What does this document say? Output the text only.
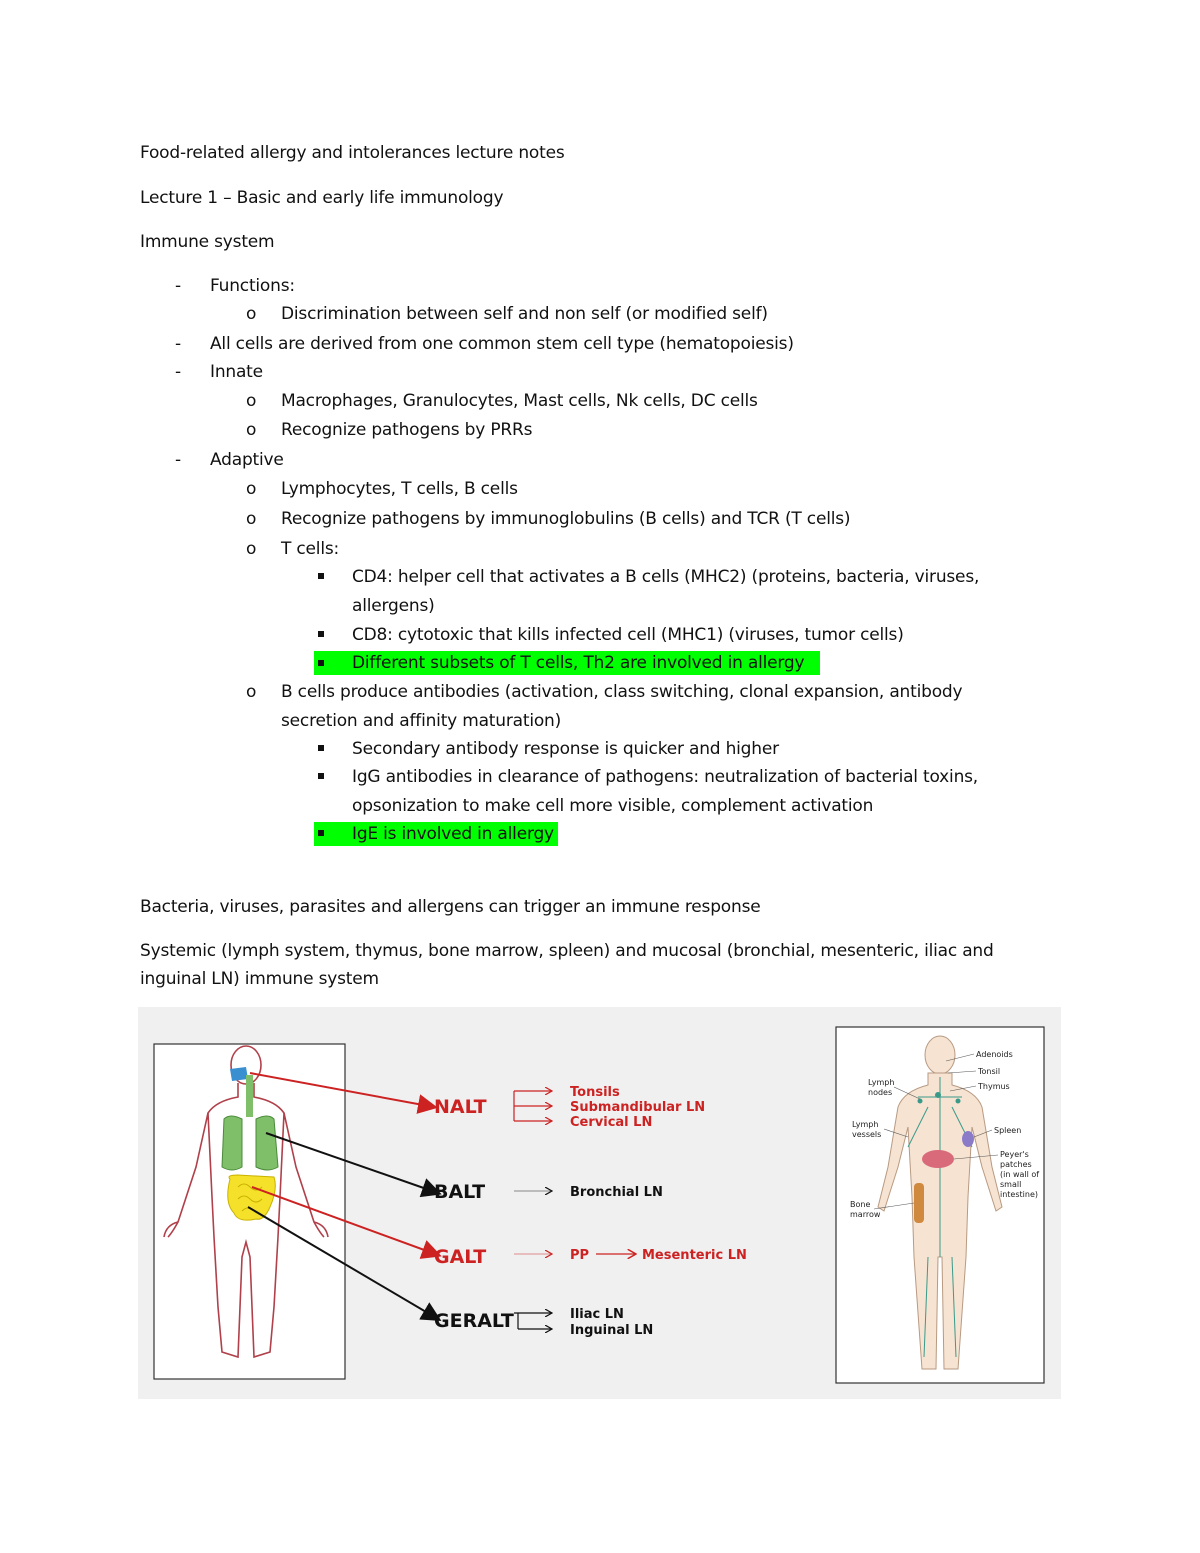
Food-related allergy and intolerances lecture notes
Lecture 1 – Basic and early life immunology
Immune system
- Functions:
o Discrimination between self and non self (or modified self)
- All cells are derived from one common stem cell type (hematopoiesis)
- Innate
o Macrophages, Granulocytes, Mast cells, Nk cells, DC cells
o Recognize pathogens by PRRs
- Adaptive
o Lymphocytes, T cells, B cells
o Recognize pathogens by immunoglobulins (B cells) and TCR (T cells)
o T cells:
CD4: helper cell that activates a B cells (MHC2) (proteins, bacteria, viruses,
allergens)
CD8: cytotoxic that kills infected cell (MHC1) (viruses, tumor cells)
Different subsets of T cells, Th2 are involved in allergy
o B cells produce antibodies (activation, class switching, clonal expansion, antibody
secretion and affinity maturation)
Secondary antibody response is quicker and higher
IgG antibodies in clearance of pathogens: neutralization of bacterial toxins,
opsonization to make cell more visible, complement activation
IgE is involved in allergy
Bacteria, viruses, parasites and allergens can trigger an immune response
Systemic (lymph system, thymus, bone marrow, spleen) and mucosal (bronchial, mesenteric, iliac and
inguinal LN) immune system
NALT
BALT
GALT
GERALT
Tonsils
Submandibular LN
Cervical LN
Bronchial LN
PP	Mesenteric LN
Iliac LN
Inguinal LN
Adenoids
Tonsil
Thymus
Lymph
nodes
Lymph
vessels	Spleen
Peyer's
patches
(in wall of
small
intestine)
Bone
marrow
